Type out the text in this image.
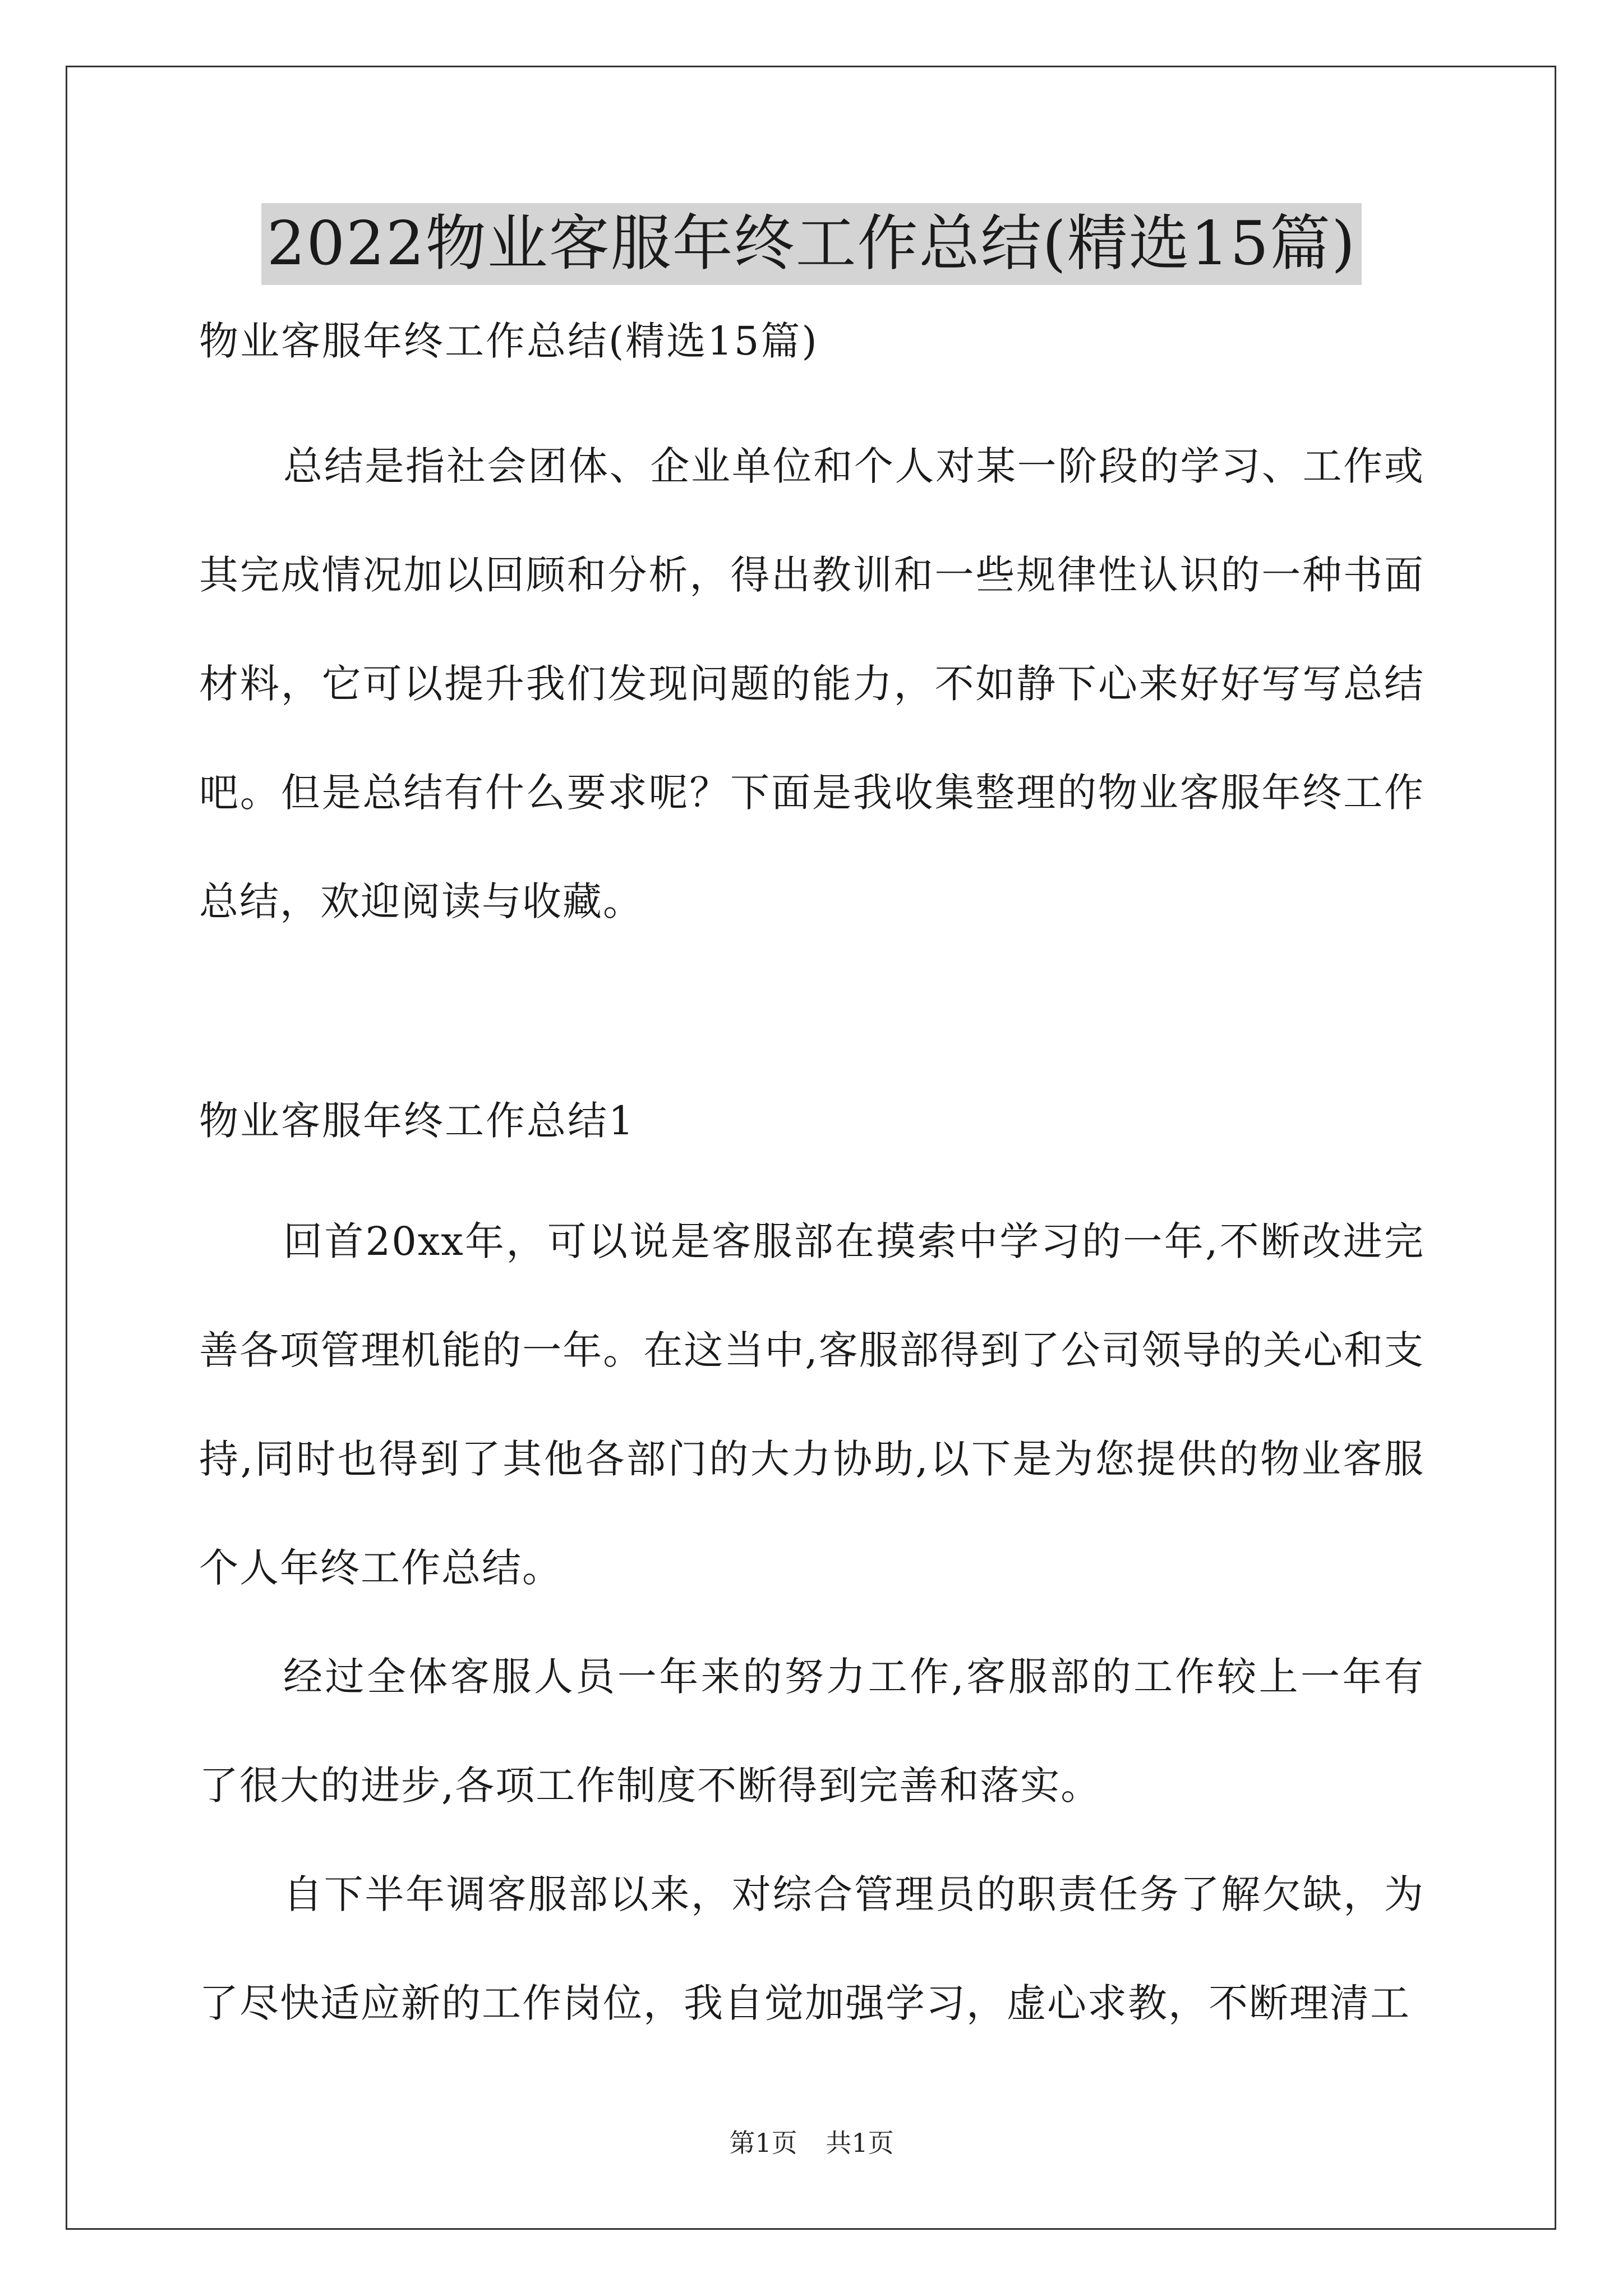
2022物业客服年终工作总结(精选15篇)

物业客服年终工作总结(精选15篇)

总结是指社会团体、企业单位和个人对某一阶段的学习、工作或其完成情况加以回顾和分析，得出教训和一些规律性认识的一种书面材料，它可以提升我们发现问题的能力，不如静下心来好好写写总结吧。但是总结有什么要求呢？下面是我收集整理的物业客服年终工作总结，欢迎阅读与收藏。

物业客服年终工作总结1

回首20xx年，可以说是客服部在摸索中学习的一年,不断改进完善各项管理机能的一年。在这当中,客服部得到了公司领导的关心和支持,同时也得到了其他各部门的大力协助,以下是为您提供的物业客服个人年终工作总结。

经过全体客服人员一年来的努力工作,客服部的工作较上一年有了很大的进步,各项工作制度不断得到完善和落实。

自下半年调客服部以来，对综合管理员的职责任务了解欠缺，为了尽快适应新的工作岗位，我自觉加强学习，虚心求教，不断理清工

第1页 共1页
